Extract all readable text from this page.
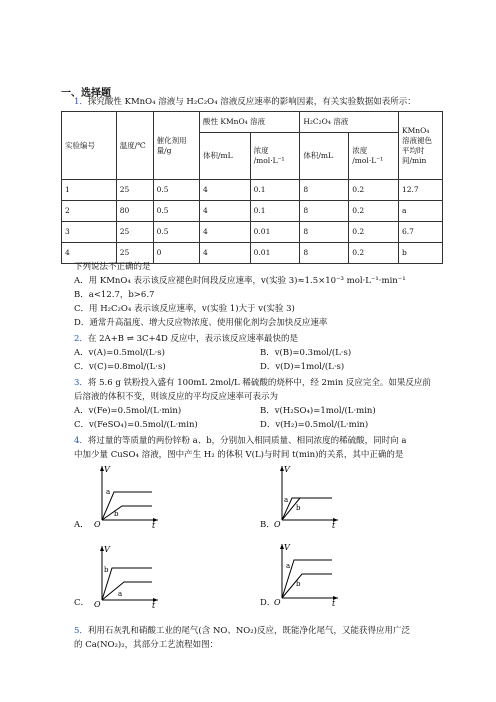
一、选择题
1．探究酸性 KMnO₄ 溶液与 H₂C₂O₄ 溶液反应速率的影响因素，有关实验数据如表所示：
实验编号	温度/℃	催化剂用量/g	酸性 KMnO₄ 溶液		H₂C₂O₄ 溶液		KMnO₄ 溶液褪色平均时间/min
			体积/mL	浓度 /mol·L⁻¹	体积/mL	浓度 /mol·L⁻¹	
1	25	0.5	4	0.1	8	0.2	12.7
2	80	0.5	4	0.1	8	0.2	a
3	25	0.5	4	0.01	8	0.2	6.7
4	25	0	4	0.01	8	0.2	b
下列说法不正确的是
A．用 KMnO₄ 表示该反应褪色时间段反应速率，v(实验 3)≈1.5×10⁻³ mol·L⁻¹·min⁻¹
B．a<12.7，b>6.7
C．用 H₂C₂O₄ 表示该反应速率，v(实验 1)大于 v(实验 3)
D．通常升高温度、增大反应物浓度、使用催化剂均会加快反应速率
2．在 2A+B ⇌ 3C+4D 反应中，表示该反应速率最快的是
A．v(A)=0.5mol/(L·s)	B．v(B)=0.3mol/(L·s)
C．v(C)=0.8mol/(L·s)	D．v(D)=1mol/(L·s)
3．将 5.6 g 铁粉投入盛有 100mL 2mol/L 稀硫酸的烧杯中，经 2min 反应完全。如果反应前
后溶液的体积不变，则该反应的平均反应速率可表示为
A．v(Fe)=0.5mol/(L·min)	B．v(H₂SO₄)=1mol/(L·min)
C．v(FeSO₄)=0.5mol/(L·min)	D．v(H₂)=0.5mol/(L·min)
4．将过量的等质量的两份锌粉 a、b，分别加入相同质量、相同浓度的稀硫酸，同时向 a
中加少量 CuSO₄ 溶液，图中产生 H₂ 的体积 V(L)与时间 t(min)的关系，其中正确的是
A．
V
O	t
a
b
B．
V
O	t
a
b
C．
V
O	t
b
a
D．
V
O	t
a
b
5．利用石灰乳和硝酸工业的尾气(含 NO、NO₂)反应，既能净化尾气，又能获得应用广泛
的 Ca(NO₂)₂，其部分工艺流程如图：
